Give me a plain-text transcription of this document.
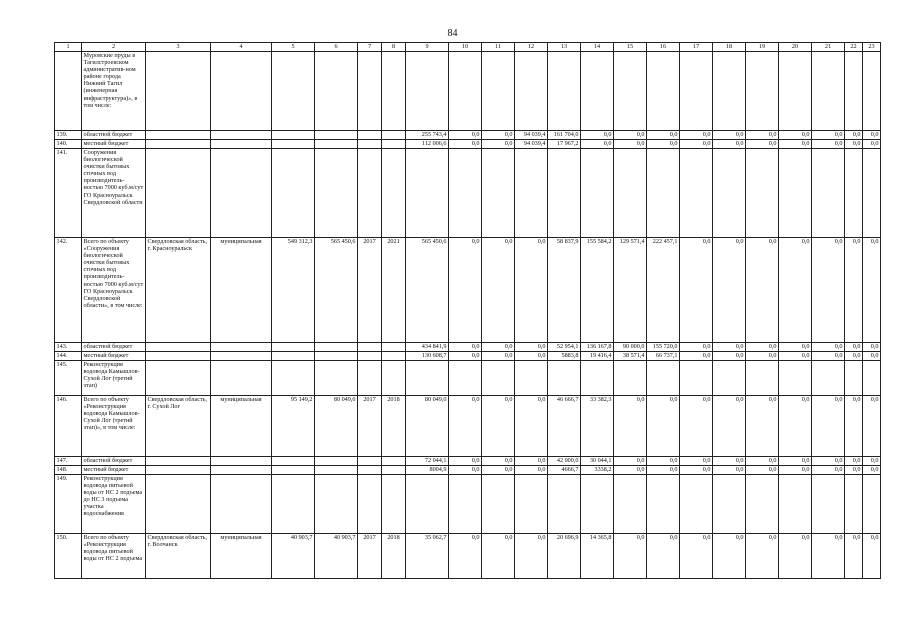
84
1	2	3	4	5	6	7	8	9	10	11	12	13	14	15	16	17	18	19	20	21	22	23
	Муровские пруды в Тагилстроевском административ-ном районе города Нижний Тагил (инженерная инфраструктура)», в том числе:																					
139.	областной бюджет							255 743,4	0,0	0,0	94 039,4	161 704,0	0,0	0,0	0,0	0,0	0,0	0,0	0,0	0,0	0,0	0,0
140.	местный бюджет							112 006,6	0,0	0,0	94 039,4	17 967,2	0,0	0,0	0,0	0,0	0,0	0,0	0,0	0,0	0,0	0,0
141.	Сооружения биологической очистки бытовых сточных вод производитель-ностью 7000 куб.м/сут ГО Красноуральск Свердловской области																					
142.	Всего по объекту «Сооружения биологической очистки бытовых сточных вод производитель-ностью 7000 куб.м/сут ГО Красноуральск Свердловской области», в том числе:	Свердловская область, г. Красноуральск	муниципальная	549 312,3	565 450,6	2017	2021	565 450,6	0,0	0,0	0,0	58 837,9	155 584,2	129 571,4	222 457,1	0,0	0,0	0,0	0,0	0,0	0,0	0,0
143.	областной бюджет							434 841,9	0,0	0,0	0,0	52 954,1	136 167,8	90 000,0	155 720,0	0,0	0,0	0,0	0,0	0,0	0,0	0,0
144.	местный бюджет							130 608,7	0,0	0,0	0,0	5883,8	19 416,4	38 571,4	66 737,1	0,0	0,0	0,0	0,0	0,0	0,0	0,0
145.	Реконструкция водовода Камышлов-Сухой Лог (третий этап)																					
146.	Всего по объекту «Реконструкция водовода Камышлов-Сухой Лог (третий этап)», в том числе:	Свердловская область, г. Сухой Лог	муниципальная	95 149,2	80 049,0	2017	2018	80 049,0	0,0	0,0	0,0	46 666,7	33 382,3	0,0	0,0	0,0	0,0	0,0	0,0	0,0	0,0	0,0
147.	областной бюджет							72 044,1	0,0	0,0	0,0	42 000,0	30 044,1	0,0	0,0	0,0	0,0	0,0	0,0	0,0	0,0	0,0
148.	местный бюджет							8004,9	0,0	0,0	0,0	4666,7	3338,2	0,0	0,0	0,0	0,0	0,0	0,0	0,0	0,0	0,0
149.	Реконструкция водовода питьевой воды от НС 2 подъема до НС 3 подъема участка водоснабжения																					
150.	Всего по объекту «Реконструкция водовода питьевой воды от НС 2 подъема	Свердловская область, г. Волчанск	муниципальная	40 903,7	40 903,7	2017	2018	35 062,7	0,0	0,0	0,0	20 696,9	14 365,8	0,0	0,0	0,0	0,0	0,0	0,0	0,0	0,0	0,0
